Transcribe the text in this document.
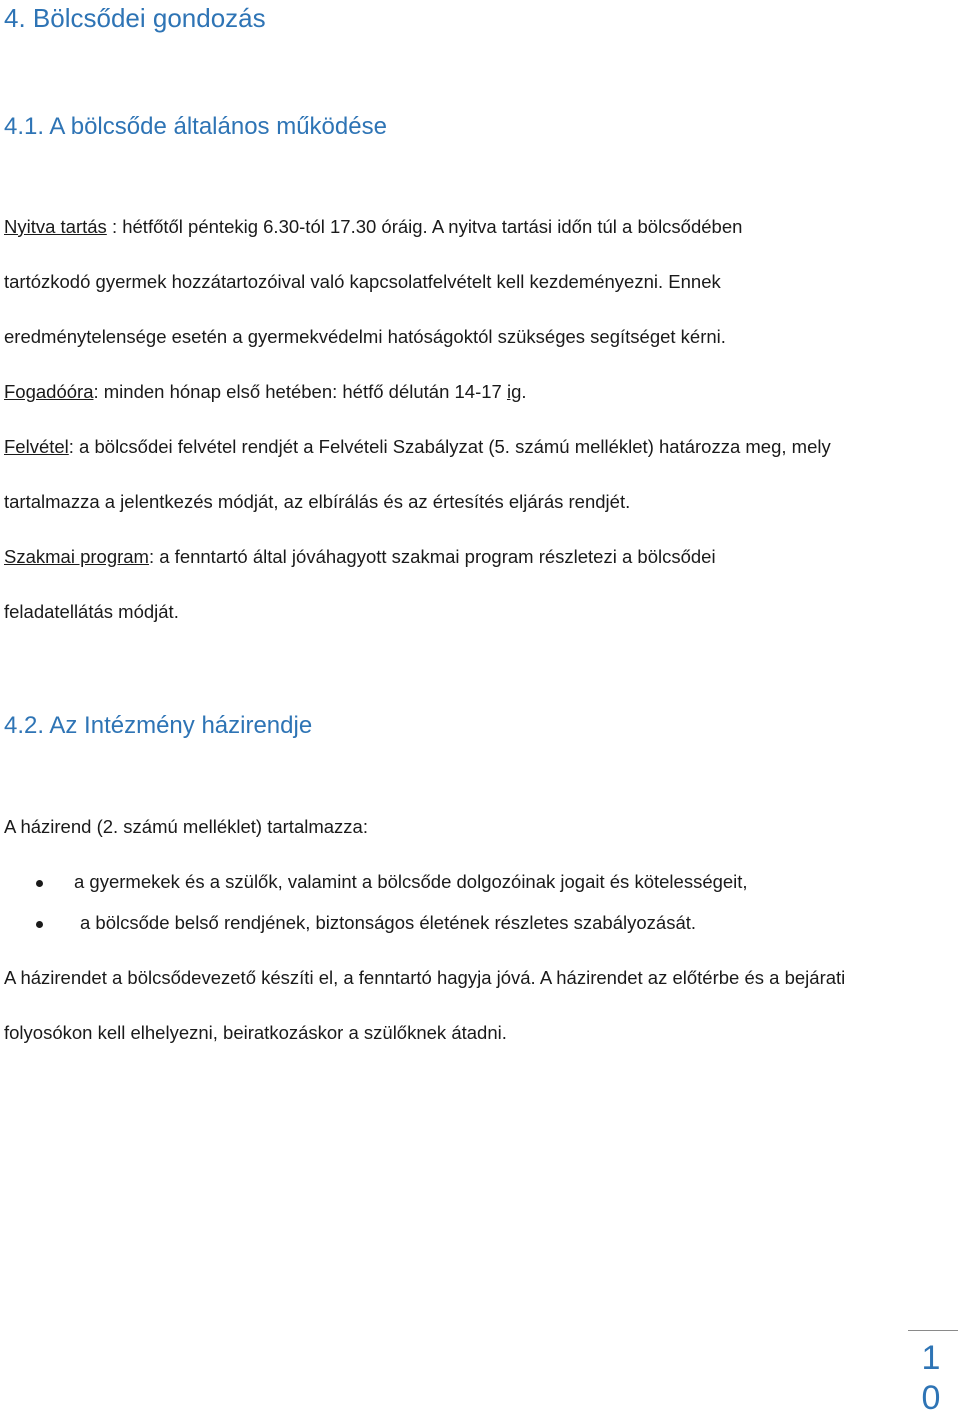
4. Bölcsődei gondozás
4.1. A bölcsőde általános működése
Nyitva tartás : hétfőtől péntekig 6.30-tól 17.30 óráig. A nyitva tartási időn túl a bölcsődében
tartózkodó gyermek hozzátartozóival való kapcsolatfelvételt kell kezdeményezni. Ennek
eredménytelensége esetén a gyermekvédelmi hatóságoktól szükséges segítséget kérni.
Fogadóóra: minden hónap első hetében: hétfő délután 14-17 ig.
Felvétel: a bölcsődei felvétel rendjét a Felvételi Szabályzat (5. számú melléklet) határozza meg, mely
tartalmazza a jelentkezés módját, az elbírálás és az értesítés eljárás rendjét.
Szakmai program: a fenntartó által jóváhagyott szakmai program részletezi a bölcsődei
feladatellátás módját.
4.2. Az Intézmény házirendje
A házirend (2. számú melléklet) tartalmazza:
a gyermekek és a szülők, valamint a bölcsőde dolgozóinak jogait és kötelességeit,
a bölcsőde belső rendjének, biztonságos életének részletes szabályozását.
A házirendet a bölcsődevezető készíti el, a fenntartó hagyja jóvá. A házirendet az előtérbe és a bejárati
folyosókon kell elhelyezni, beiratkozáskor a szülőknek átadni.
1
0
